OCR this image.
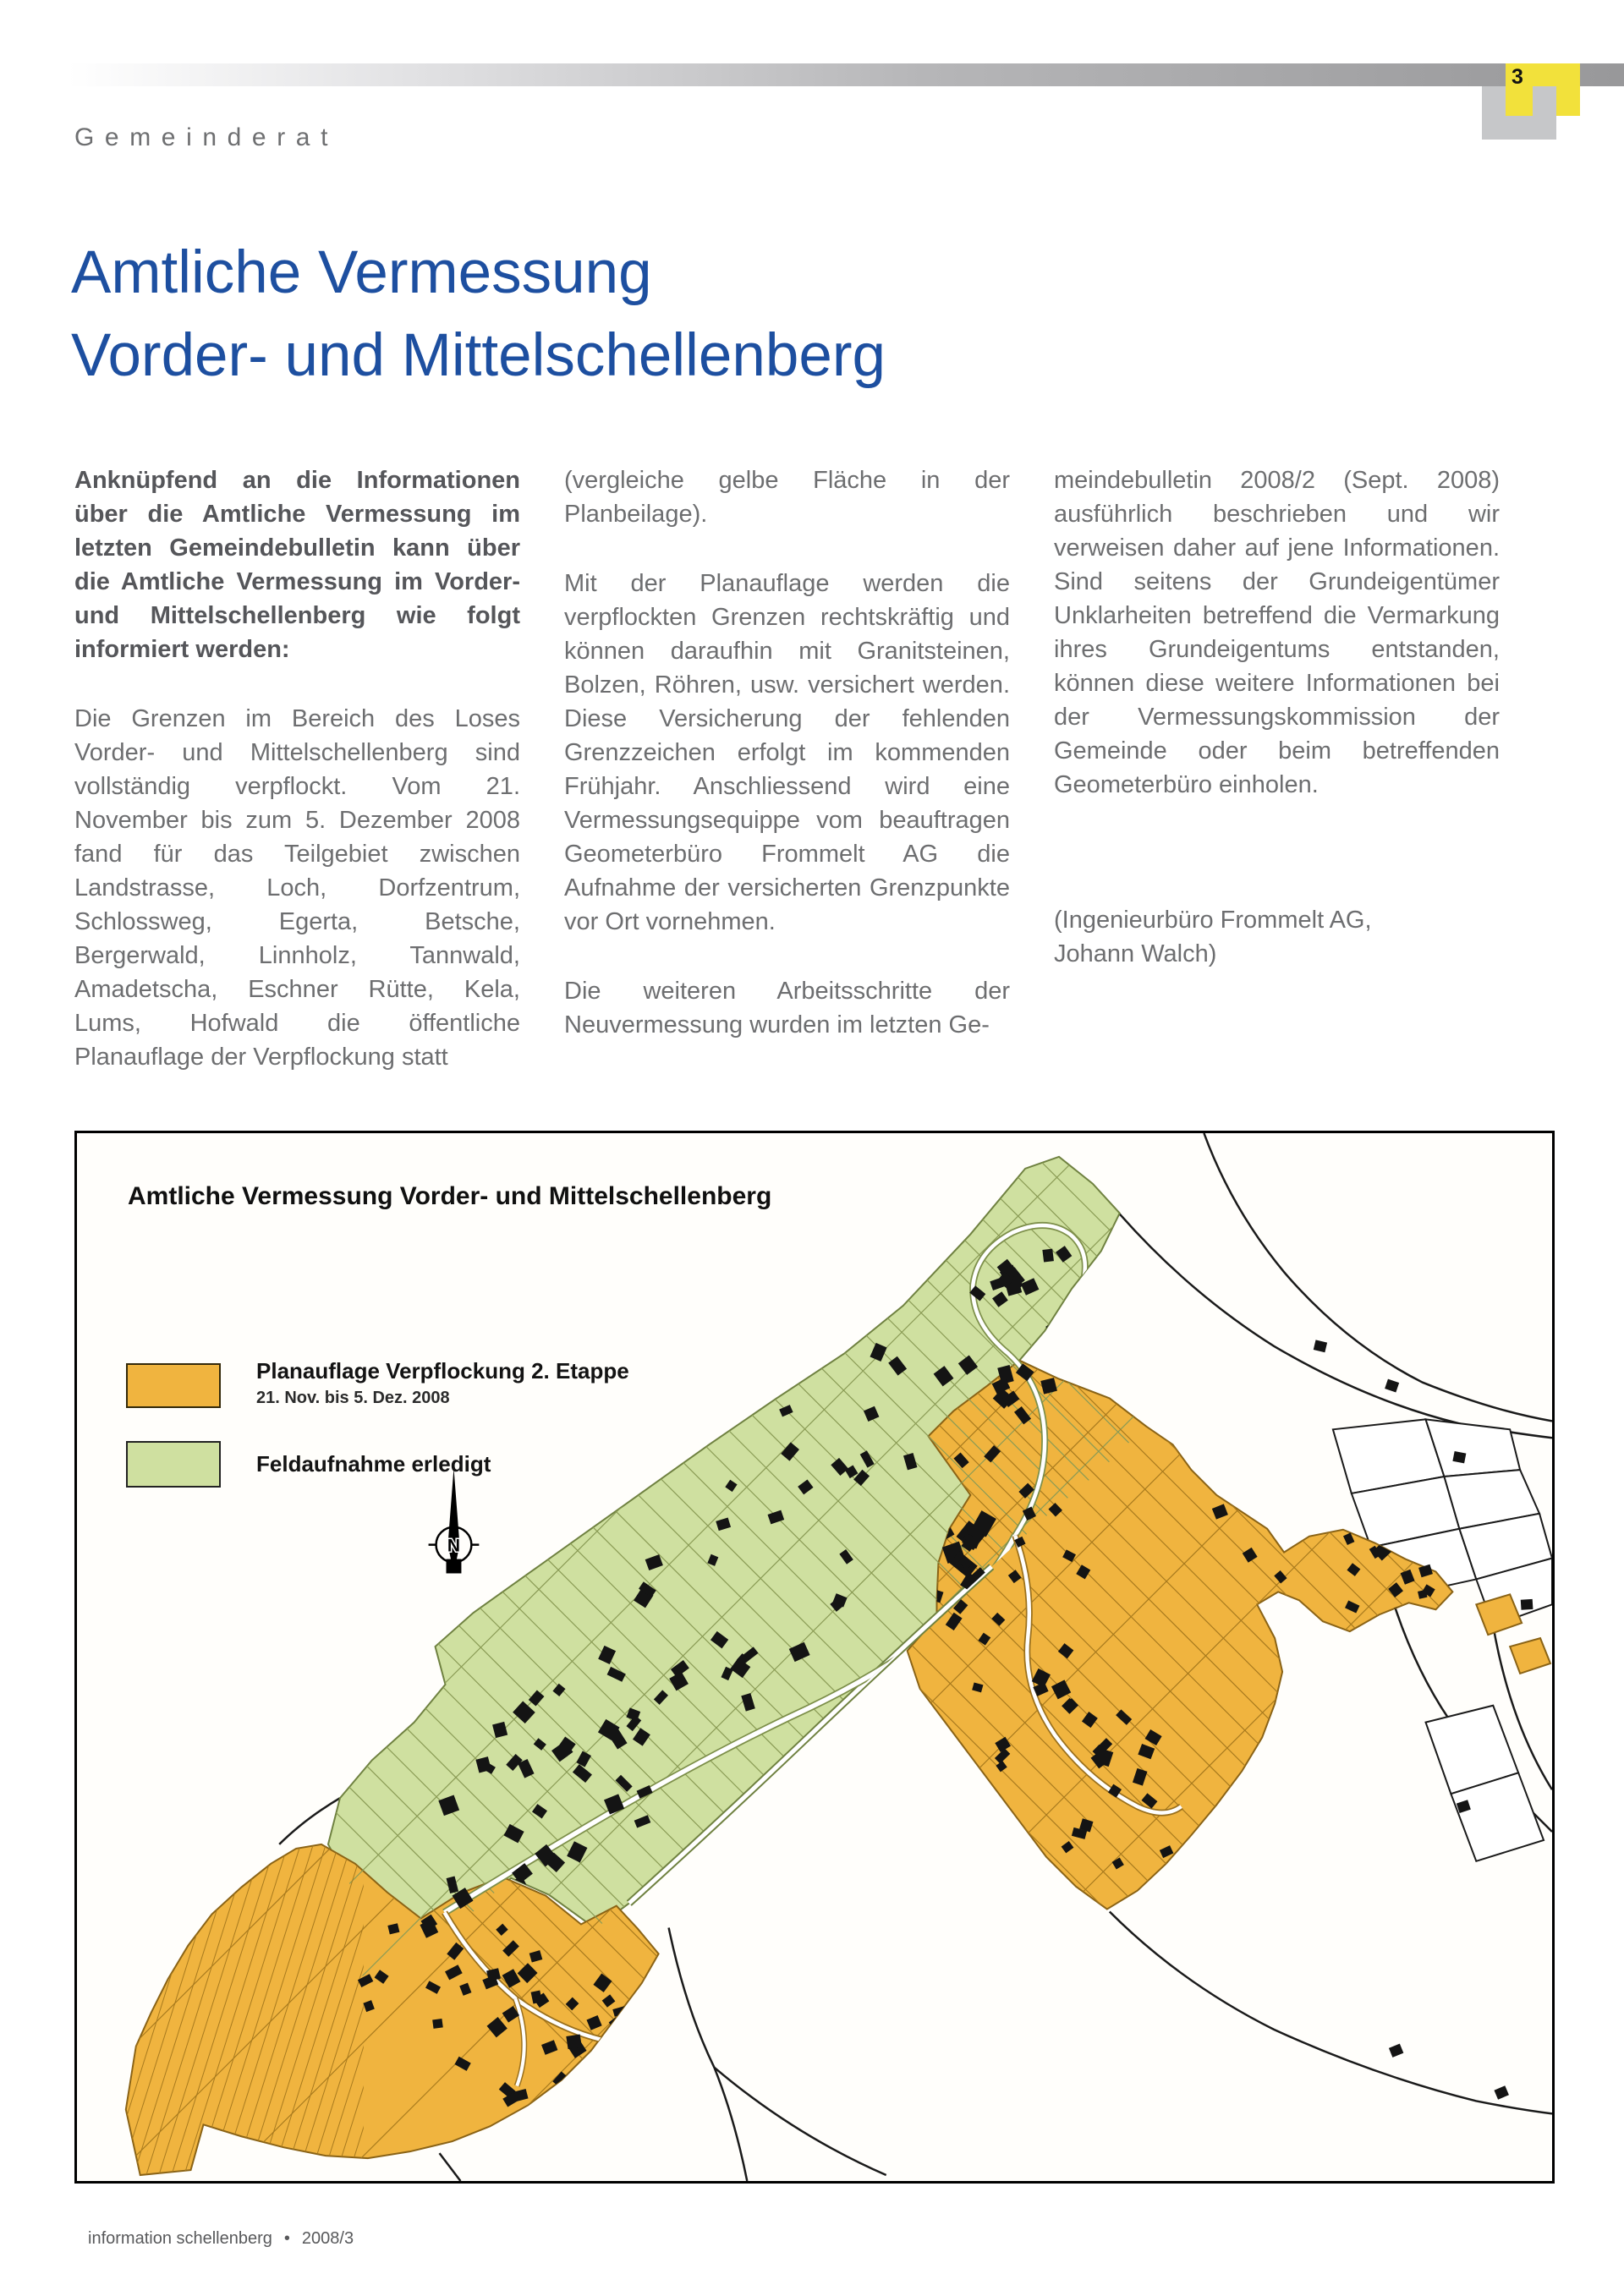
3
Gemeinderat
Amtliche Vermessung
Vorder- und Mittelschellenberg

Anknüpfend an die Informationen über die Amtliche Vermessung im letzten Gemeindebulletin kann über die Amtliche Vermessung im Vorder- und Mittelschellenberg wie folgt informiert werden:

Die Grenzen im Bereich des Loses Vorder- und Mittelschellenberg sind vollständig verpflockt. Vom 21. November bis zum 5. Dezember 2008 fand für das Teilgebiet zwischen Landstrasse, Loch, Dorfzentrum, Schlossweg, Egerta, Betsche, Bergerwald, Linnholz, Tannwald, Amadetscha, Eschner Rütte, Kela, Lums, Hofwald die öffentliche Planauflage der Verpflockung statt

(vergleiche gelbe Fläche in der Planbeilage).

Mit der Planauflage werden die verpflockten Grenzen rechtskräftig und können daraufhin mit Granitsteinen, Bolzen, Röhren, usw. versichert werden. Diese Versicherung der fehlenden Grenzzeichen erfolgt im kommenden Frühjahr. Anschliessend wird eine Vermessungsequippe vom beauftragen Geometerbüro Frommelt AG die Aufnahme der versicherten Grenzpunkte vor Ort vornehmen.

Die weiteren Arbeitsschritte der Neuvermessung wurden im letzten Ge-

meindebulletin 2008/2 (Sept. 2008) ausführlich beschrieben und wir verweisen daher auf jene Informationen. Sind seitens der Grundeigentümer Unklarheiten betreffend die Vermarkung ihres Grundeigentums entstanden, können diese weitere Informationen bei der Vermessungskommission der Gemeinde oder beim betreffenden Geometerbüro einholen.

(Ingenieurbüro Frommelt AG,
Johann Walch)
N
Amtliche Vermessung Vorder- und Mittelschellenberg
Planauflage Verpflockung 2. Etappe
21. Nov. bis 5. Dez. 2008
Feldaufnahme erledigt
information schellenberg • 2008/3
